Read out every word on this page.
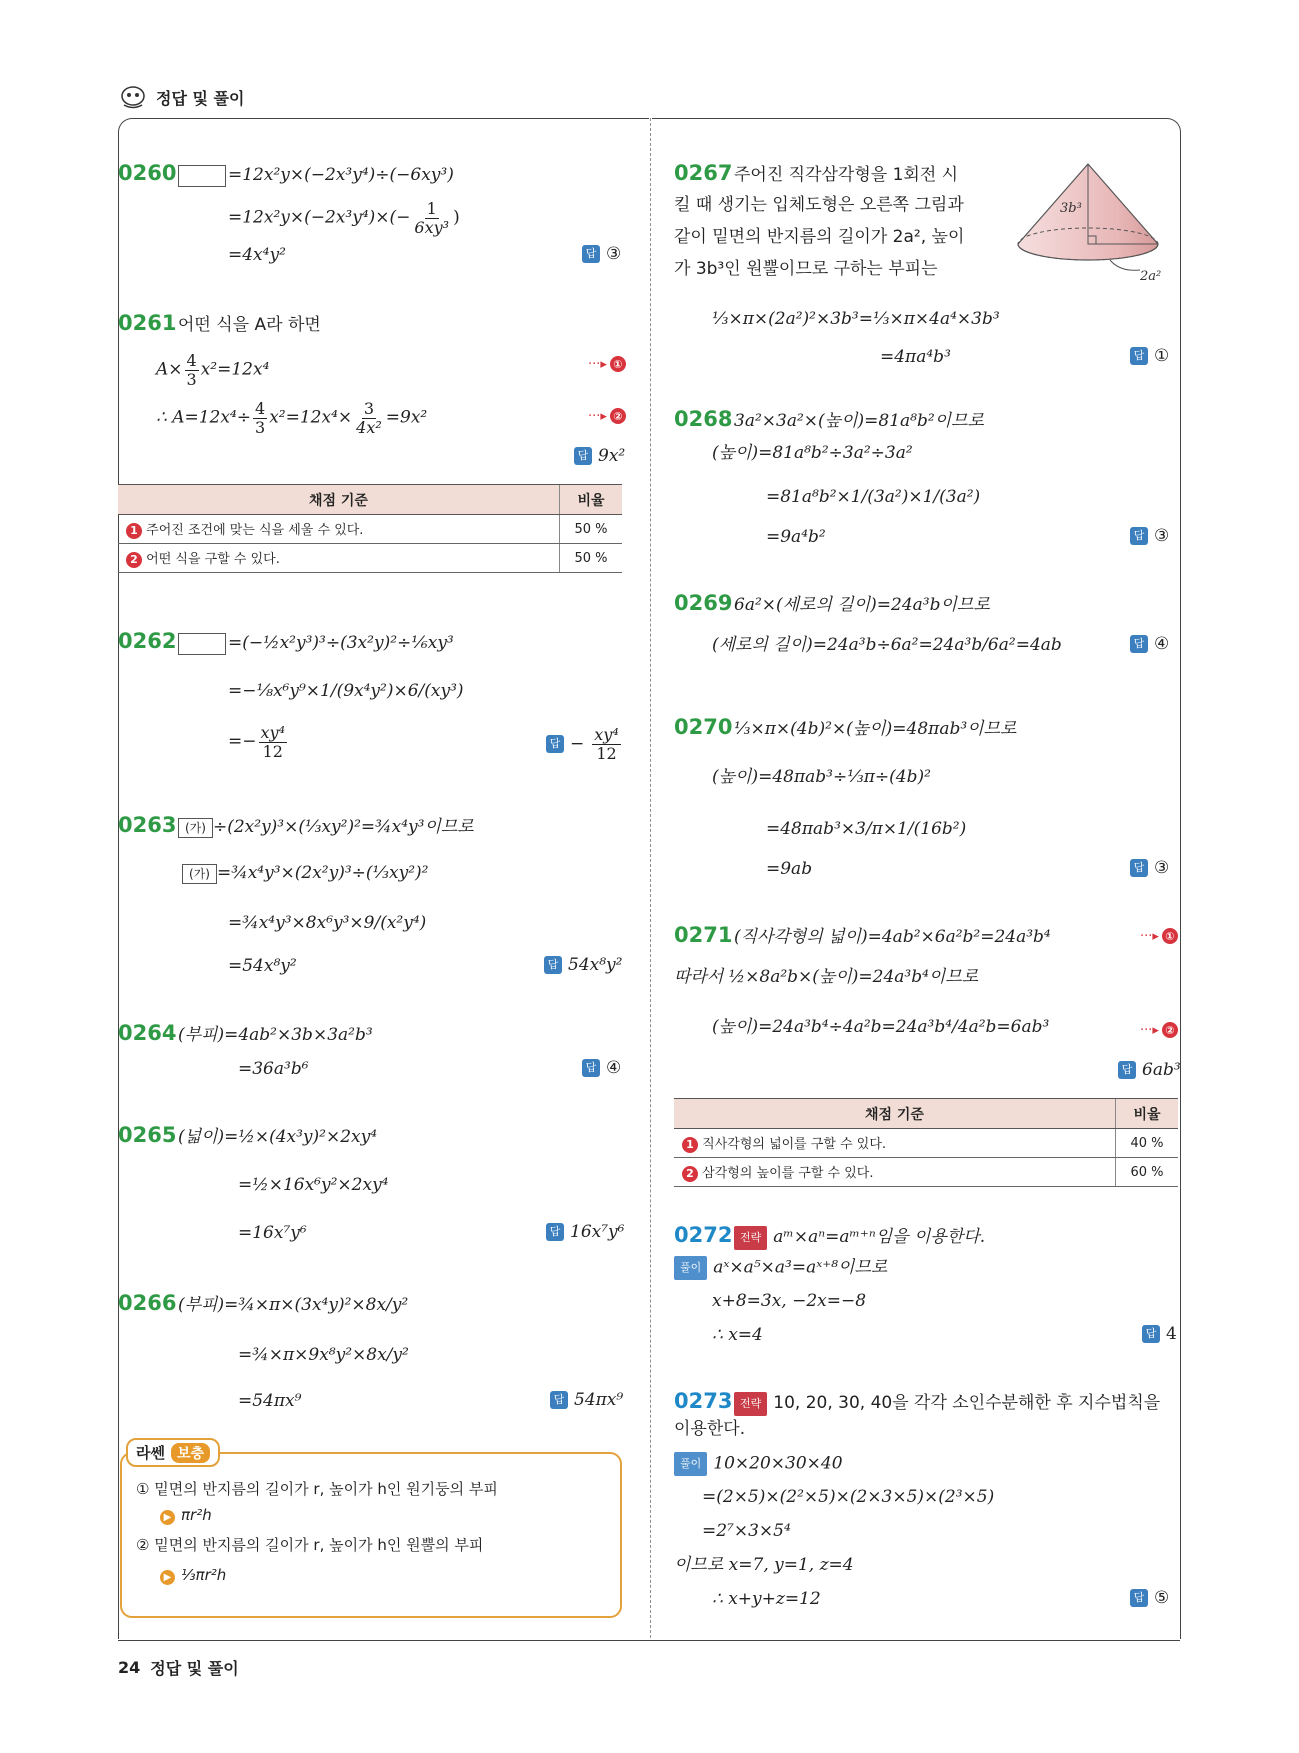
정답 및 풀이
0260	=12x²y×(−2x³y⁴)÷(−6xy³)
$=12x^2y\times(-2x^3y^4)\times(- \frac{1}{\text{6xy³}}$ )
=4x⁴y²	답 ③
0261어떤 식을 A라 하면
$A\times \frac{4}{3} x^2=12x^4$	···▸ ①
∴ $A=12x^4\div \frac{4}{3} x^2=12x^4\times \frac{3}{\text{4x²}} =9x^2$	···▸ ②
답 9x²
채점 기준	비율
1 주어진 조건에 맞는 식을 세울 수 있다.	50 %
2 어떤 식을 구할 수 있다.	50 %
0262	=(−½x²y³)³÷(3x²y)²÷⅙xy³
=−⅛x⁶y⁹×1/(9x⁴y²)×6/(xy³)
=− $\frac{\text{xy⁴}}{12}$	답 − $\frac{\text{xy⁴}}{12}$
0263 (가) ÷(2x²y)³×(⅓xy²)²=¾x⁴y³이므로
(가) =¾x⁴y³×(2x²y)³÷(⅓xy²)²
=¾x⁴y³×8x⁶y³×9/(x²y⁴)
=54x⁸y²	답 54x⁸y²
0264(부피)=4ab²×3b×3a²b³
=36a³b⁶	답 ④
0265(넓이)=½×(4x³y)²×2xy⁴
=½×16x⁶y²×2xy⁴
=16x⁷y⁶	답 16x⁷y⁶
0266(부피)=¾×π×(3x⁴y)²×8x/y²
=¾×π×9x⁸y²×8x/y²
=54πx⁹	답 54πx⁹
라쎈 보충
① 밑면의 반지름의 길이가 r, 높이가 h인 원기둥의 부피
▶ πr²h
② 밑면의 반지름의 길이가 r, 높이가 h인 원뿔의 부피
▶ ⅓πr²h
0267주어진 직각삼각형을 1회전 시
킬 때 생기는 입체도형은 오른쪽 그림과
같이 밑면의 반지름의 길이가 2a², 높이
가 3b³인 원뿔이므로 구하는 부피는
3b³
2a²
⅓×π×(2a²)²×3b³=⅓×π×4a⁴×3b³
=4πa⁴b³	답 ①
02683a²×3a²×(높이)=81a⁸b²이므로
(높이)=81a⁸b²÷3a²÷3a²
=81a⁸b²×1/(3a²)×1/(3a²)
=9a⁴b²	답 ③
02696a²×(세로의 길이)=24a³b이므로
(세로의 길이)=24a³b÷6a²=24a³b/6a²=4ab	답 ④
0270⅓×π×(4b)²×(높이)=48πab³이므로
(높이)=48πab³÷⅓π÷(4b)²
=48πab³×3/π×1/(16b²)
=9ab	답 ③
0271(직사각형의 넓이)=4ab²×6a²b²=24a³b⁴	···▸ ①
따라서 ½×8a²b×(높이)=24a³b⁴이므로
(높이)=24a³b⁴÷4a²b=24a³b⁴/4a²b=6ab³	···▸ ②
답 6ab³
채점 기준	비율
1 직사각형의 넓이를 구할 수 있다.	40 %
2 삼각형의 높이를 구할 수 있다.	60 %
0272 전략 aᵐ×aⁿ=aᵐ⁺ⁿ임을 이용한다.
풀이 aˣ×a⁵×a³=aˣ⁺⁸이므로
x+8=3x, −2x=−8
∴ x=4	답 4
0273 전략 10, 20, 30, 40을 각각 소인수분해한 후 지수법칙을
이용한다.
풀이 10×20×30×40
=(2×5)×(2²×5)×(2×3×5)×(2³×5)
=2⁷×3×5⁴
이므로 x=7, y=1, z=4
∴ x+y+z=12	답 ⑤
24 정답 및 풀이
